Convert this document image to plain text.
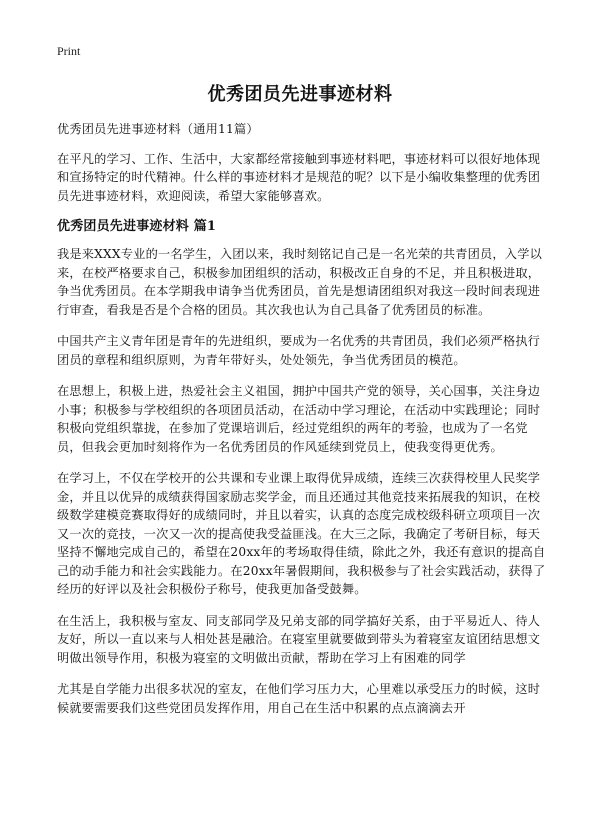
Print
优秀团员先进事迹材料

优秀团员先进事迹材料（通用11篇）

在平凡的学习、工作、生活中，大家都经常接触到事迹材料吧，事迹材料可以很好地体现和宣扬特定的时代精神。什么样的事迹材料才是规范的呢？以下是小编收集整理的优秀团员先进事迹材料，欢迎阅读，希望大家能够喜欢。

优秀团员先进事迹材料 篇1

我是来XXX专业的一名学生，入团以来，我时刻铭记自己是一名光荣的共青团员，入学以来，在校严格要求自己，积极参加团组织的活动，积极改正自身的不足，并且积极进取，争当优秀团员。在本学期我申请争当优秀团员，首先是想请团组织对我这一段时间表现进行审查，看我是否是个合格的团员。其次我也认为自己具备了优秀团员的标准。

中国共产主义青年团是青年的先进组织，要成为一名优秀的共青团员，我们必须严格执行团员的章程和组织原则，为青年带好头，处处领先，争当优秀团员的模范。

在思想上，积极上进，热爱社会主义祖国，拥护中国共产党的领导，关心国事，关注身边小事；积极参与学校组织的各项团员活动，在活动中学习理论，在活动中实践理论；同时积极向党组织靠拢，在参加了党课培训后，经过党组织的两年的考验，也成为了一名党员，但我会更加时刻将作为一名优秀团员的作风延续到党员上，使我变得更优秀。

在学习上，不仅在学校开的公共课和专业课上取得优异成绩，连续三次获得校里人民奖学金，并且以优异的成绩获得国家励志奖学金，而且还通过其他竞技来拓展我的知识，在校级数学建模竞赛取得好的成绩同时，并且以着实，认真的态度完成校级科研立项项目一次又一次的竞技，一次又一次的提高使我受益匪浅。在大三之际，我确定了考研目标，每天坚持不懈地完成自己的，希望在20xx年的考场取得佳绩，除此之外，我还有意识的提高自己的动手能力和社会实践能力。在20xx年暑假期间，我积极参与了社会实践活动，获得了经历的好评以及社会积极份子称号，使我更加备受鼓舞。

在生活上，我积极与室友、同支部同学及兄弟支部的同学搞好关系，由于平易近人、待人友好，所以一直以来与人相处甚是融洽。在寝室里就要做到带头为着寝室友谊团结思想文明做出领导作用，积极为寝室的文明做出贡献，帮助在学习上有困难的同学

尤其是自学能力出很多状况的室友，在他们学习压力大，心里难以承受压力的时候，这时候就要需要我们这些党团员发挥作用，用自己在生活中积累的点点滴滴去开
